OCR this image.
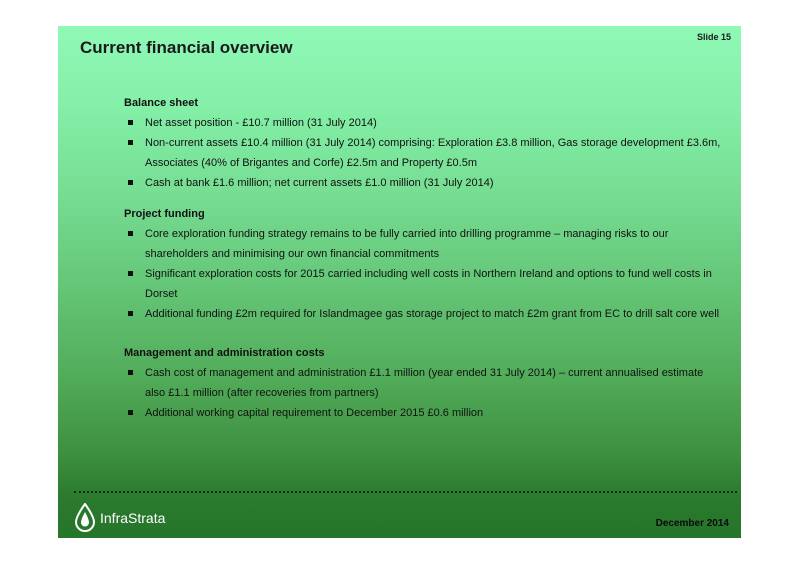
Current financial overview
Slide 15
Balance sheet
Net asset position - £10.7 million (31 July 2014)
Non-current assets £10.4 million (31 July 2014) comprising: Exploration £3.8 million, Gas storage development £3.6m, Associates (40% of Brigantes and Corfe) £2.5m and Property £0.5m
Cash at bank £1.6 million; net current assets £1.0 million (31 July 2014)
Project funding
Core exploration funding strategy remains to be fully carried into drilling programme – managing risks to our shareholders and minimising our own financial commitments
Significant exploration costs for 2015 carried including well costs in Northern Ireland and options to fund well costs in Dorset
Additional funding £2m required for Islandmagee gas storage project to match £2m grant from EC to drill salt core well
Management and administration costs
Cash cost of management and administration £1.1 million (year ended 31 July 2014) – current annualised estimate also £1.1 million (after recoveries from partners)
Additional working capital requirement to December 2015 £0.6 million
InfraStrata	December 2014
